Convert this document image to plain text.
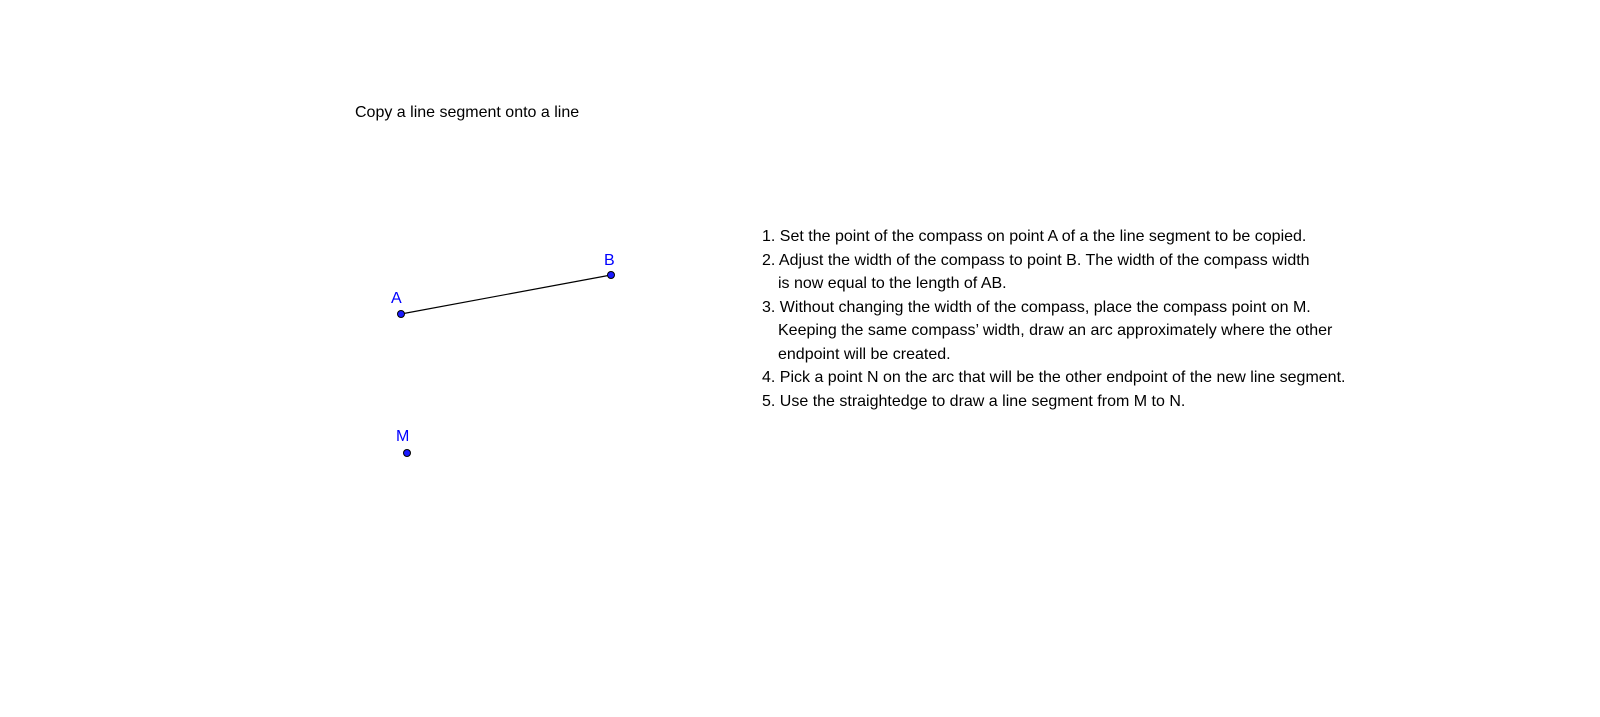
Copy a line segment onto a line
A
B
M
1. Set the point of the compass on point A of a the line segment to be copied.
2. Adjust the width of the compass to point B. The width of the compass width
is now equal to the length of AB.
3. Without changing the width of the compass, place the compass point on M.
Keeping the same compass’ width, draw an arc approximately where the other
endpoint will be created.
4. Pick a point N on the arc that will be the other endpoint of the new line segment.
5. Use the straightedge to draw a line segment from M to N.
